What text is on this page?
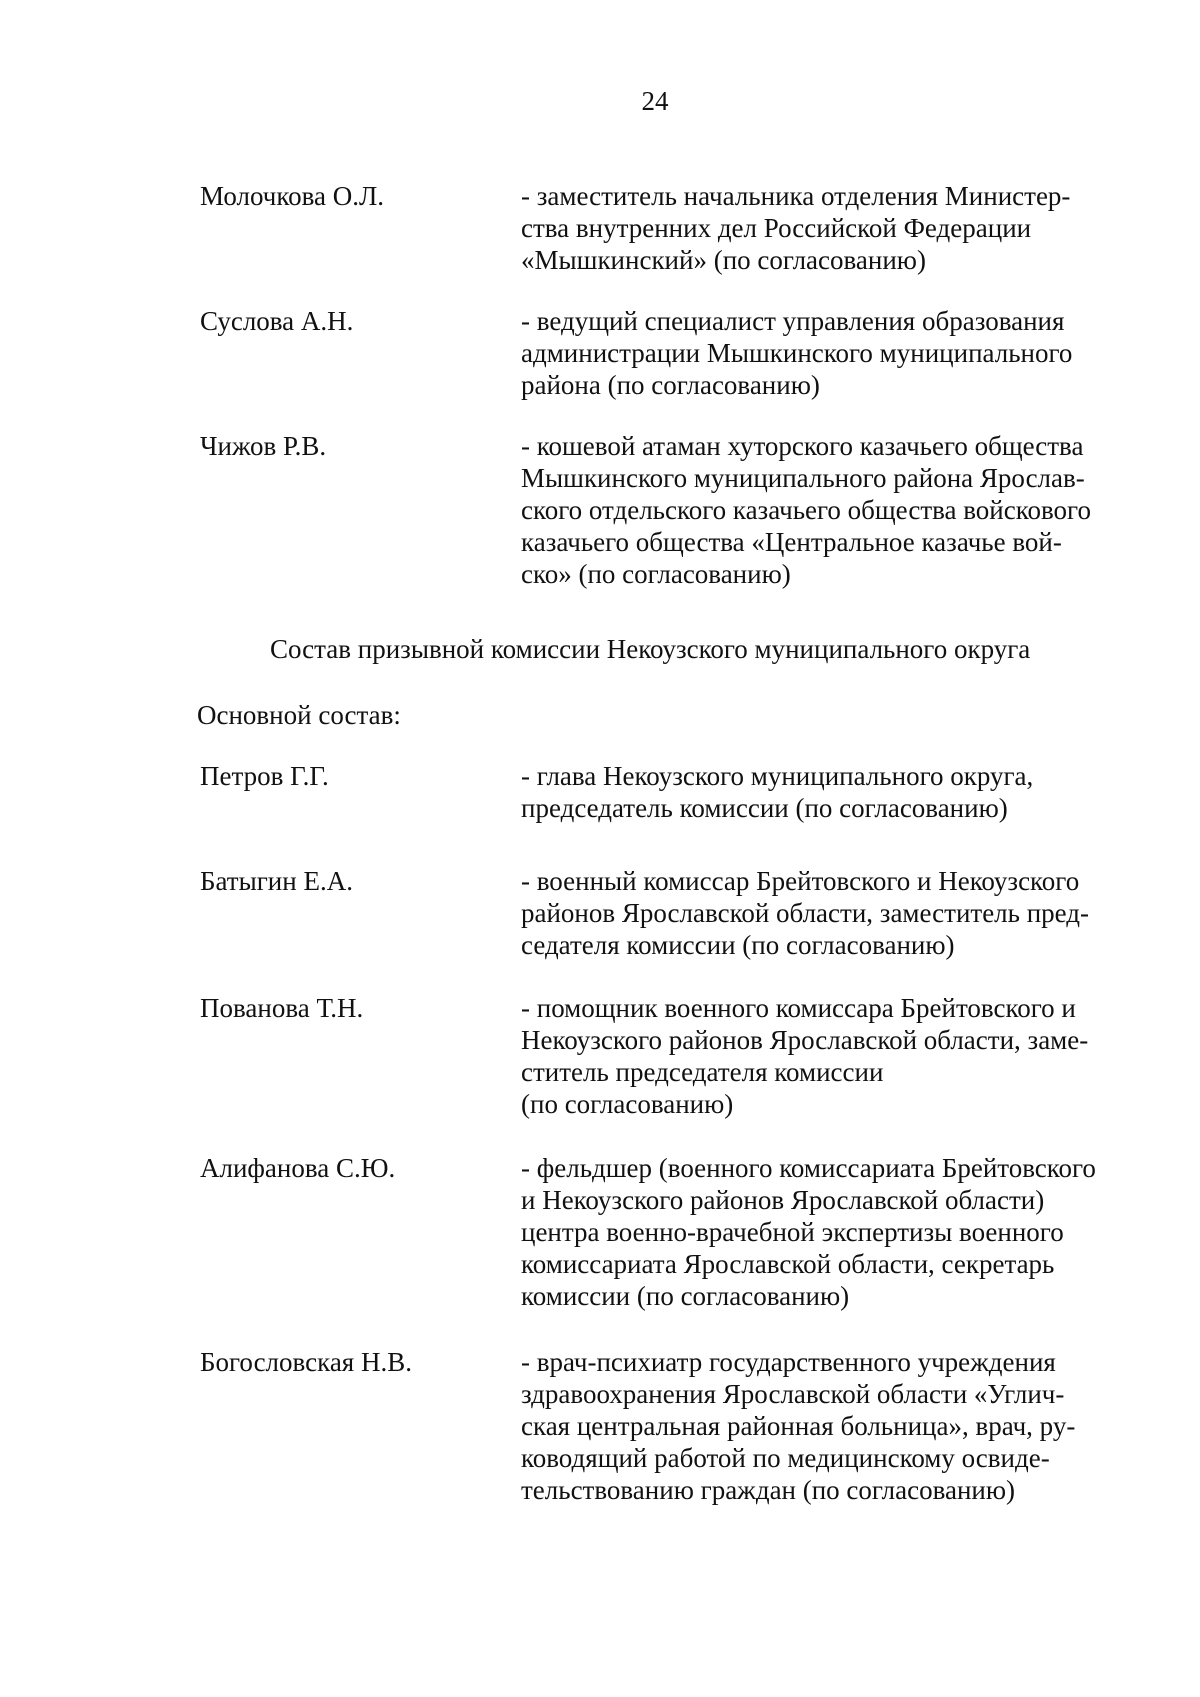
24
Молочкова О.Л.	- заместитель начальника отделения Министер-
ства внутренних дел Российской Федерации
«Мышкинский» (по согласованию)
Суслова А.Н.	- ведущий специалист управления образования
администрации Мышкинского муниципального
района (по согласованию)
Чижов Р.В.	- кошевой атаман хуторского казачьего общества
Мышкинского муниципального района Ярослав-
ского отдельского казачьего общества войскового
казачьего общества «Центральное казачье вой-
ско» (по согласованию)
Состав призывной комиссии Некоузского муниципального округа
Основной состав:
Петров Г.Г.	- глава Некоузского муниципального округа,
председатель комиссии (по согласованию)
Батыгин Е.А.	- военный комиссар Брейтовского и Некоузского
районов Ярославской области, заместитель пред-
седателя комиссии (по согласованию)
Пованова Т.Н.	- помощник военного комиссара Брейтовского и
Некоузского районов Ярославской области, заме-
ститель председателя комиссии
(по согласованию)
Алифанова С.Ю.	- фельдшер (военного комиссариата Брейтовского
и Некоузского районов Ярославской области)
центра военно-врачебной экспертизы военного
комиссариата Ярославской области, секретарь
комиссии (по согласованию)
Богословская Н.В.	- врач-психиатр государственного учреждения
здравоохранения Ярославской области «Углич-
ская центральная районная больница», врач, ру-
ководящий работой по медицинскому освиде-
тельствованию граждан (по согласованию)
